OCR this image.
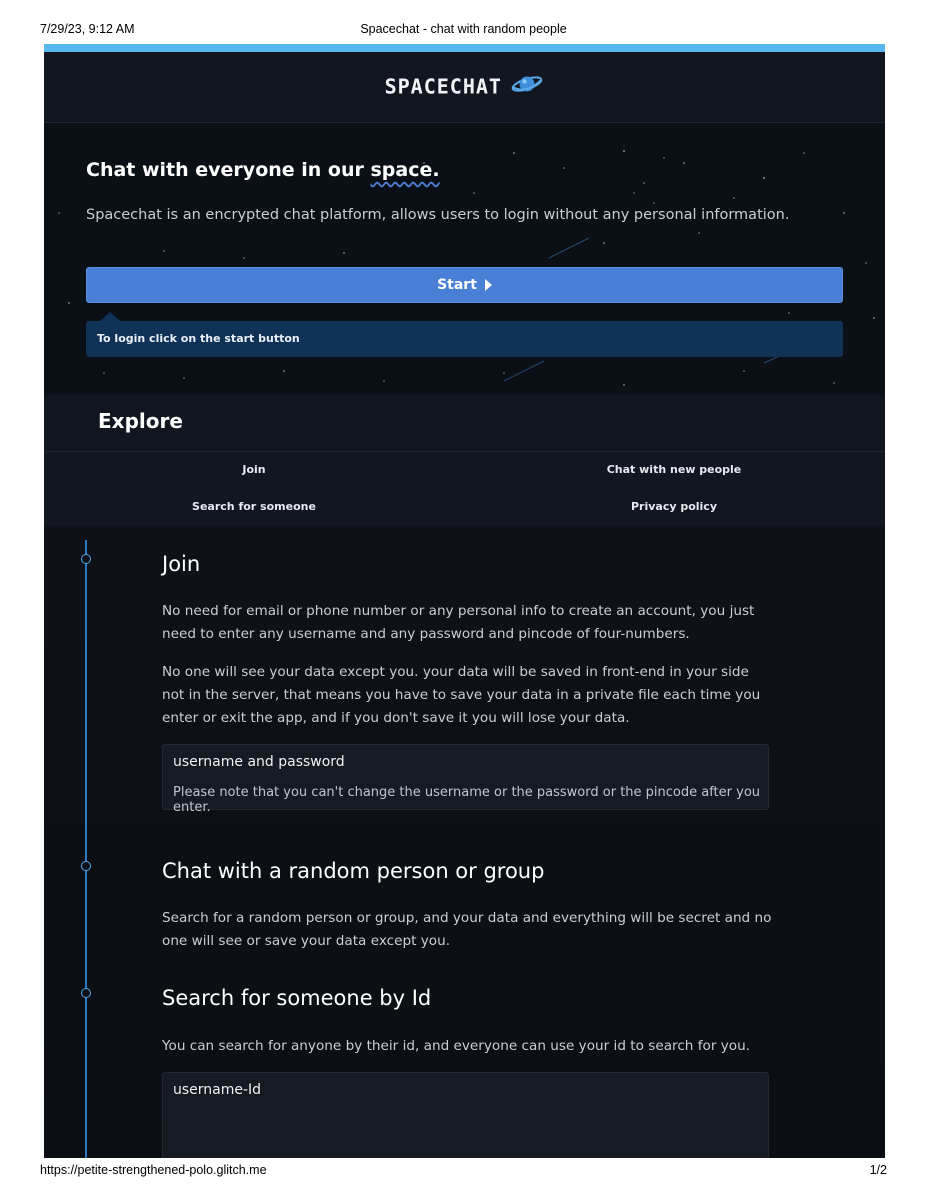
7/29/23, 9:12 AM	Spacechat - chat with random people
SPACECHAT
Chat with everyone in our space.

Spacechat is an encrypted chat platform, allows users to login without any personal information.

Start
To login click on the start button
Explore
Join	Chat with new people
Search for someone	Privacy policy
Join

No need for email or phone number or any personal info to create an account, you just need to enter any username and any password and pincode of four-numbers.

No one will see your data except you. your data will be saved in front-end in your side not in the server, that means you have to save your data in a private file each time you enter or exit the app, and if you don't save it you will lose your data.

username and password
Please note that you can't change the username or the password or the pincode after you enter.
Chat with a random person or group

Search for a random person or group, and your data and everything will be secret and no one will see or save your data except you.

Search for someone by Id

You can search for anyone by their id, and everyone can use your id to search for you.

username-Id
https://petite-strengthened-polo.glitch.me	1/2
